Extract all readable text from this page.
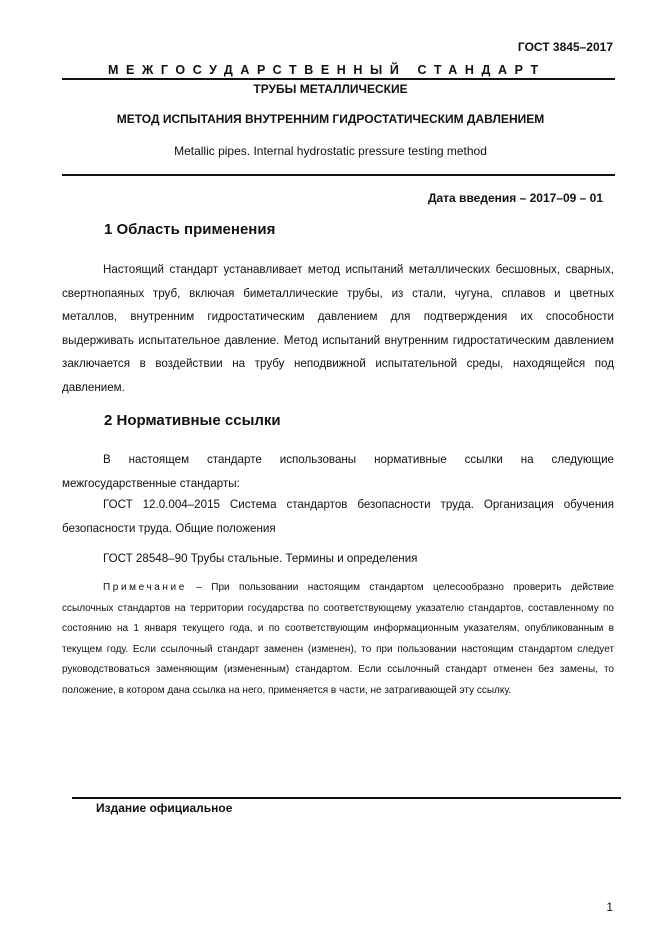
ГОСТ 3845–2017
МЕЖГОСУДАРСТВЕННЫЙ СТАНДАРТ
ТРУБЫ МЕТАЛЛИЧЕСКИЕ
МЕТОД ИСПЫТАНИЯ ВНУТРЕННИМ ГИДРОСТАТИЧЕСКИМ ДАВЛЕНИЕМ
Metallic pipes. Internal hydrostatic pressure testing method
Дата введения – 2017–09 – 01
1 Область применения

Настоящий стандарт устанавливает метод испытаний металлических бесшовных, сварных, свертнопаяных труб, включая биметаллические трубы, из стали, чугуна, сплавов и цветных металлов, внутренним гидростатическим давлением для подтверждения их способности выдерживать испытательное давление. Метод испытаний внутренним гидростатическим давлением заключается в воздействии на трубу неподвижной испытательной среды, находящейся под давлением.

2 Нормативные ссылки

В настоящем стандарте использованы нормативные ссылки на следующие межгосударственные стандарты:

ГОСТ 12.0.004–2015 Система стандартов безопасности труда. Организация обучения безопасности труда. Общие положения

ГОСТ 28548–90 Трубы стальные. Термины и определения

Примечание – При пользовании настоящим стандартом целесообразно проверить действие ссылочных стандартов на территории государства по соответствующему указателю стандартов, составленному по состоянию на 1 января текущего года, и по соответствующим информационным указателям, опубликованным в текущем году. Если ссылочный стандарт заменен (изменен), то при пользовании настоящим стандартом следует руководствоваться заменяющим (измененным) стандартом. Если ссылочный стандарт отменен без замены, то положение, в котором дана ссылка на него, применяется в части, не затрагивающей эту ссылку.

Издание официальное
1
